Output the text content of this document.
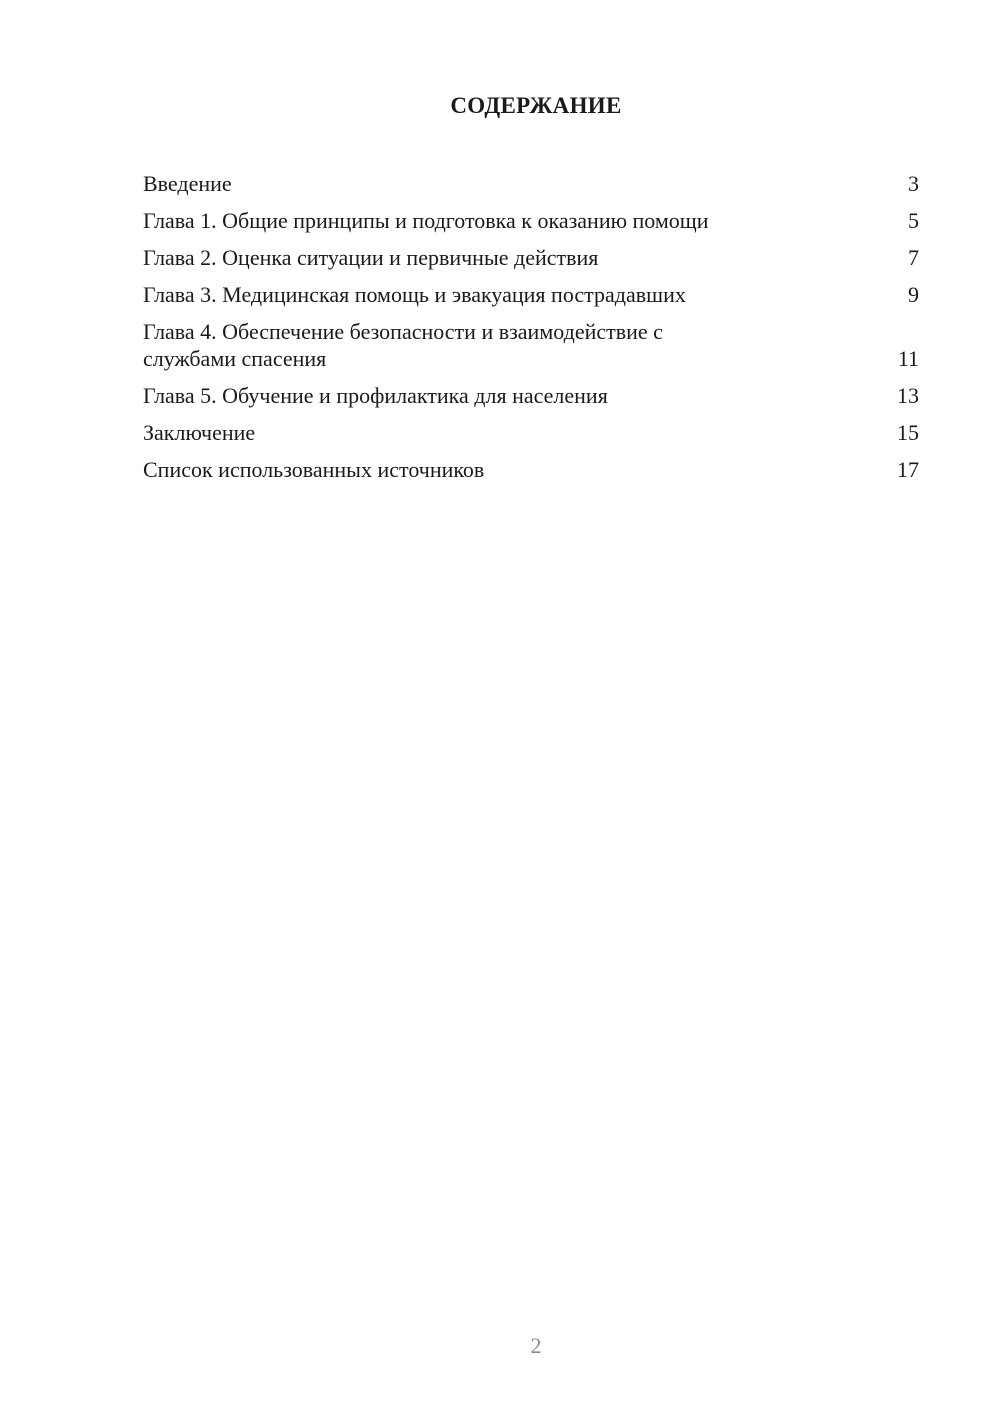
СОДЕРЖАНИЕ
Введение	3
Глава 1. Общие принципы и подготовка к оказанию помощи	5
Глава 2. Оценка ситуации и первичные действия	7
Глава 3. Медицинская помощь и эвакуация пострадавших	9
Глава 4. Обеспечение безопасности и взаимодействие с службами спасения	11
Глава 5. Обучение и профилактика для населения	13
Заключение	15
Список использованных источников	17
2
